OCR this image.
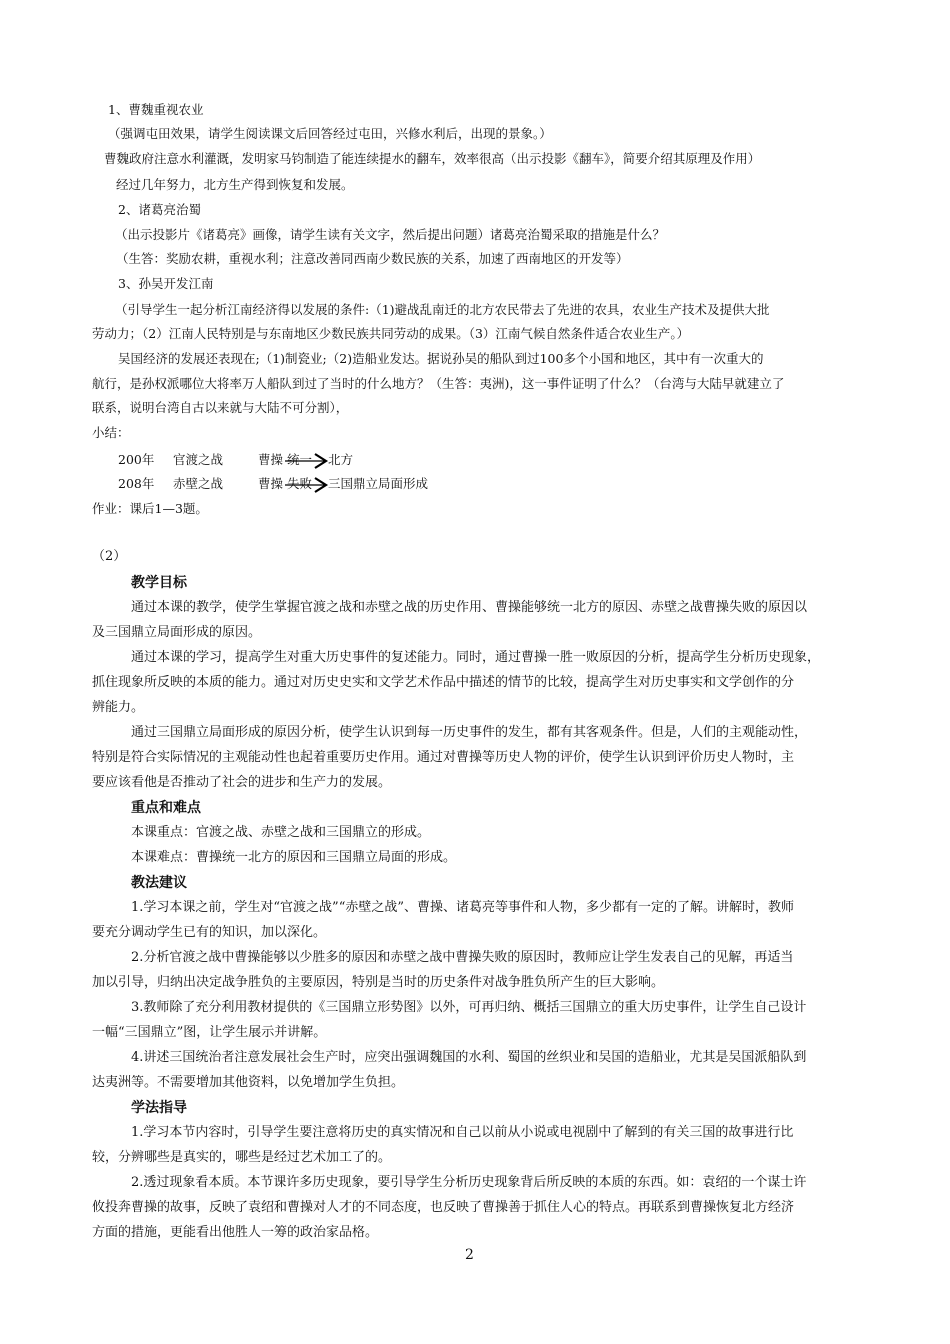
1、曹魏重视农业
（强调屯田效果，请学生阅读课文后回答经过屯田，兴修水利后，出现的景象。）
曹魏政府注意水利灌溉，发明家马钧制造了能连续提水的翻车，效率很高（出示投影《翻车》，简要介绍其原理及作用）
经过几年努力，北方生产得到恢复和发展。
2、诸葛亮治蜀
（出示投影片《诸葛亮》画像，请学生读有关文字，然后提出问题）诸葛亮治蜀采取的措施是什么？
（生答：奖励农耕，重视水利；注意改善同西南少数民族的关系，加速了西南地区的开发等）
3、孙吴开发江南
（引导学生一起分析江南经济得以发展的条件:（1)避战乱南迁的北方农民带去了先进的农具，农业生产技术及提供大批
劳动力；（2）江南人民特别是与东南地区少数民族共同劳动的成果。（3）江南气候自然条件适合农业生产。）
吴国经济的发展还表现在;（1)制瓷业;（2)造船业发达。据说孙吴的船队到过100多个小国和地区，其中有一次重大的
航行，是孙权派哪位大将率万人船队到过了当时的什么地方？（生答：夷洲)，这一事件证明了什么？（台湾与大陆早就建立了
联系，说明台湾自古以来就与大陆不可分割），
小结：
200年 官渡之战	曹操 统一 北方
208年 赤壁之战	曹操 失败 三国鼎立局面形成
作业：课后1—3题。
（2）
教学目标
通过本课的教学，使学生掌握官渡之战和赤壁之战的历史作用、曹操能够统一北方的原因、赤壁之战曹操失败的原因以
及三国鼎立局面形成的原因。
通过本课的学习，提高学生对重大历史事件的复述能力。同时，通过曹操一胜一败原因的分析，提高学生分析历史现象，
抓住现象所反映的本质的能力。通过对历史史实和文学艺术作品中描述的情节的比较，提高学生对历史事实和文学创作的分
辨能力。
通过三国鼎立局面形成的原因分析，使学生认识到每一历史事件的发生，都有其客观条件。但是，人们的主观能动性，
特别是符合实际情况的主观能动性也起着重要历史作用。通过对曹操等历史人物的评价，使学生认识到评价历史人物时，主
要应该看他是否推动了社会的进步和生产力的发展。
重点和难点
本课重点：官渡之战、赤壁之战和三国鼎立的形成。
本课难点：曹操统一北方的原因和三国鼎立局面的形成。
教法建议
1.学习本课之前，学生对“官渡之战”“赤壁之战”、曹操、诸葛亮等事件和人物，多少都有一定的了解。讲解时，教师
要充分调动学生已有的知识，加以深化。
2.分析官渡之战中曹操能够以少胜多的原因和赤壁之战中曹操失败的原因时，教师应让学生发表自己的见解，再适当
加以引导，归纳出决定战争胜负的主要原因，特别是当时的历史条件对战争胜负所产生的巨大影响。
3.教师除了充分利用教材提供的《三国鼎立形势图》以外，可再归纳、概括三国鼎立的重大历史事件，让学生自己设计
一幅“三国鼎立”图，让学生展示并讲解。
4.讲述三国统治者注意发展社会生产时，应突出强调魏国的水利、蜀国的丝织业和吴国的造船业，尤其是吴国派船队到
达夷洲等。不需要增加其他资料，以免增加学生负担。
学法指导
1.学习本节内容时，引导学生要注意将历史的真实情况和自己以前从小说或电视剧中了解到的有关三国的故事进行比
较，分辨哪些是真实的，哪些是经过艺术加工了的。
2.透过现象看本质。本节课许多历史现象，要引导学生分析历史现象背后所反映的本质的东西。如：袁绍的一个谋士许
攸投奔曹操的故事，反映了袁绍和曹操对人才的不同态度，也反映了曹操善于抓住人心的特点。再联系到曹操恢复北方经济
方面的措施，更能看出他胜人一筹的政治家品格。
2
